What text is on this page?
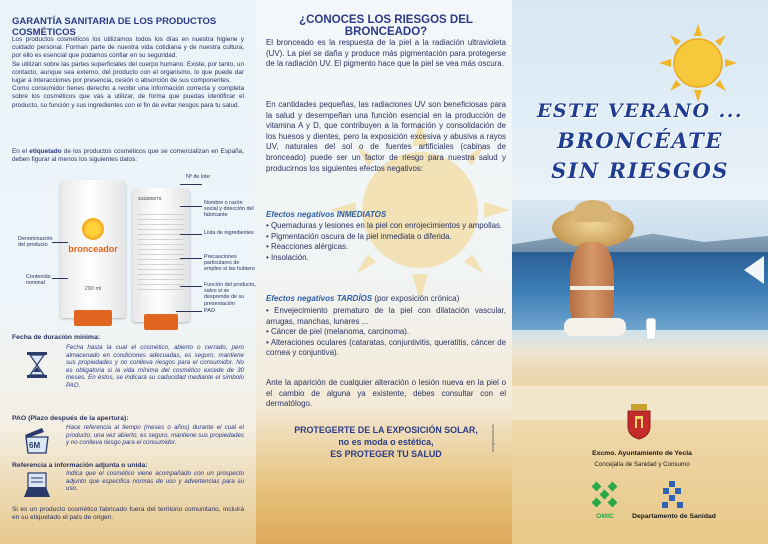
GARANTÍA SANITARIA DE LOS PRODUCTOS COSMÉTICOS

Los productos cosméticos los utilizamos todos los días en nuestra higiene y cuidado personal. Forman parte de nuestra vida cotidiana y de nuestra cultura, por ello es esencial que podamos confiar en su seguridad.

Se utilizan sobre las partes superficiales del cuerpo humano. Existe, por tanto, un contacto, aunque sea externo, del producto con el organismo, lo que puede dar lugar a interacciones por presencia, cesión o absorción de sus componentes.

Como consumidor tienes derecho a recibir una información correcta y completa sobre los cosméticos que vas a utilizar, de forma que puedas identificar el producto, su función y sus ingredientes con el fin de evitar riesgos para tu salud.

En el etiquetado de los productos cosméticos que se comercializan en España, deben figurar al menos los siguientes datos:
bronceador
200 ml
S3230007S
Nº de lote:
Nombre o razón social y dirección del fabricante
Lista de ingredientes
Precauciones particulares de empleo si las hubiere
Función del producto, salvo si se desprende de su presentación
PAO
Denominación del producto
Contenido nominal
Fecha de duración mínima:
Fecha hasta la cual el cosmético, abierto o cerrado, pero almacenado en condiciones adecuadas, es seguro, mantiene sus propiedades y no conlleva riesgos para el consumidor. No es obligatoria si la vida mínima del cosmético excede de 30 meses. En éstos, se indicará su caducidad mediante el símbolo PAO.
PAO (Plazo después de la apertura):
6M
Hace referencia al tiempo (meses o años) durante el cual el producto, una vez abierto, es seguro, mantiene sus propiedades y no conlleva riesgo para el consumidor.
Referencia a información adjunta o unida:
Indica que el cosmético viene acompañado con un prospecto adjunto que especifica normas de uso y advertencias para su uso.
Si es un producto cosmético fabricado fuera del territorio comunitario, incluirá en su etiquetado el país de origen.
¿CONOCES LOS RIESGOS DEL BRONCEADO?
El bronceado es la respuesta de la piel a la radiación ultravioleta (UV). La piel se daña y produce más pigmentación para protegerse de la radiación UV. El pigmento hace que la piel se vea más oscura.
En cantidades pequeñas, las radiaciones UV son beneficiosas para la salud y desempeñan una función esencial en la producción de vitamina A y D, que contribuyen a la formación y consolidación de los huesos y dientes, pero la exposición excesiva y abusiva a rayos UV, naturales del sol o de fuentes artificiales (cabinas de bronceado) puede ser un factor de riesgo para nuestra salud y producirnos los siguientes efectos negativos:
Efectos negativos INMEDIATOS
• Quemaduras y lesiones en la piel con enrojecimientos y ampollas.
• Pigmentación oscura de la piel inmediata o diferida.
• Reacciones alérgicas.
• Insolación.
Efectos negativos TARDÍOS (por exposición crónica)
• Envejecimiento prematuro de la piel con dilatación vascular, arrugas, manchas, lunares ...
• Cáncer de piel (melanoma, carcinoma).
• Alteraciones oculares (cataratas, conjuntivitis, queratitis, cáncer de cornea y conjuntiva).
Ante la aparición de cualquier alteración o lesión nueva en la piel o el cambio de alguna ya existente, debes consultar con el dermatólogo.
PROTEGERTE DE LA EXPOSICIÓN SOLAR,
no es moda o estética,
ES PROTEGER TU SALUD
anagramaobulo
ESTE VERANO ...
BRONCÉATE
SIN RIESGOS
Excmo. Ayuntamiento de Yecla
Concejalía de Sanidad y Consumo
OMIC	Departamento de Sanidad
